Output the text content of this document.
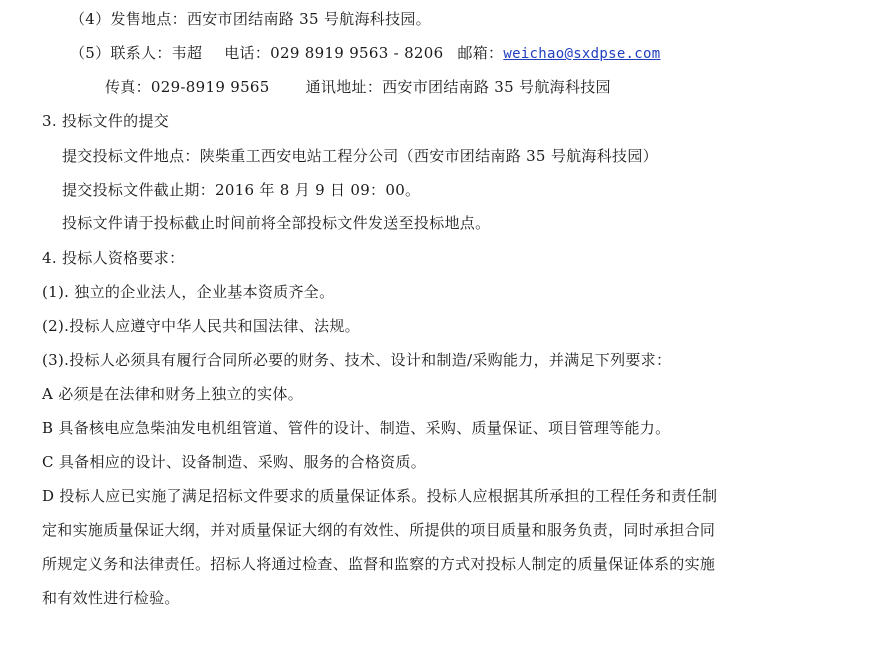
（4）发售地点：西安市团结南路 35 号航海科技园。
（5）联系人：韦超 电话：029 8919 9563 - 8206 邮箱：weichao@sxdpse.com
传真：029-8919 9565 通讯地址：西安市团结南路 35 号航海科技园
3. 投标文件的提交
提交投标文件地点：陕柴重工西安电站工程分公司（西安市团结南路 35 号航海科技园）
提交投标文件截止期：2016 年 8 月 9 日 09：00。
投标文件请于投标截止时间前将全部投标文件发送至投标地点。
4. 投标人资格要求：
(1). 独立的企业法人，企业基本资质齐全。
(2).投标人应遵守中华人民共和国法律、法规。
(3).投标人必须具有履行合同所必要的财务、技术、设计和制造/采购能力，并满足下列要求：
A 必须是在法律和财务上独立的实体。
B 具备核电应急柴油发电机组管道、管件的设计、制造、采购、质量保证、项目管理等能力。
C 具备相应的设计、设备制造、采购、服务的合格资质。
D 投标人应已实施了满足招标文件要求的质量保证体系。投标人应根据其所承担的工程任务和责任制
定和实施质量保证大纲，并对质量保证大纲的有效性、所提供的项目质量和服务负责，同时承担合同
所规定义务和法律责任。招标人将通过检查、监督和监察的方式对投标人制定的质量保证体系的实施
和有效性进行检验。
